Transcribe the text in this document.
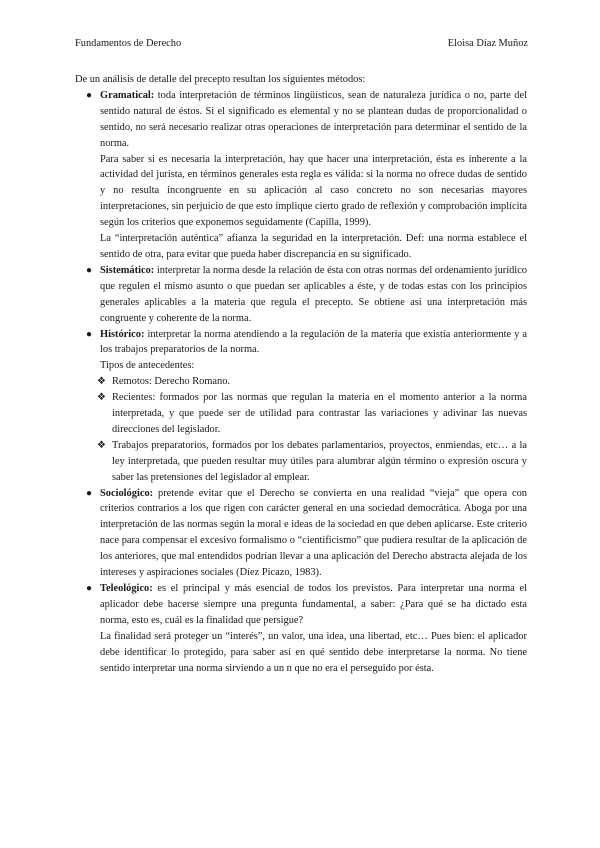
Fundamentos de Derecho	Eloisa Díaz Muñoz

De un análisis de detalle del precepto resultan los siguientes métodos:

● Gramatical: toda interpretación de términos lingüísticos, sean de naturaleza jurídica o no, parte del sentido natural de éstos. Si el significado es elemental y no se plantean dudas de proporcionalidad o sentido, no será necesario realizar otras operaciones de interpretación para determinar el sentido de la norma.

Para saber si es necesaria la interpretación, hay que hacer una interpretación, ésta es inherente a la actividad del jurista, en términos generales esta regla es válida: si la norma no ofrece dudas de sentido y no resulta incongruente en su aplicación al caso concreto no son necesarias mayores interpretaciones, sin perjuicio de que esto implique cierto grado de reflexión y comprobación implícita según los criterios que exponemos seguidamente (Capilla, 1999).

La “interpretación auténtica” afianza la seguridad en la interpretación. Def: una norma establece el sentido de otra, para evitar que pueda haber discrepancia en su significado.

● Sistemático: interpretar la norma desde la relación de ésta con otras normas del ordenamiento jurídico que regulen el mismo asunto o que puedan ser aplicables a éste, y de todas estas con los principios generales aplicables a la materia que regula el precepto. Se obtiene así una interpretación más congruente y coherente de la norma.

● Histórico: interpretar la norma atendiendo a la regulación de la materia que existía anteriormente y a los trabajos preparatorios de la norma.

Tipos de antecedentes:

❖ Remotos: Derecho Romano.
❖ Recientes: formados por las normas que regulan la materia en el momento anterior a la norma interpretada, y que puede ser de utilidad para contrastar las variaciones y adivinar las nuevas direcciones del legislador.
❖ Trabajos preparatorios, formados por los debates parlamentarios, proyectos, enmiendas, etc… a la ley interpretada, que pueden resultar muy útiles para alumbrar algún término o expresión oscura y saber las pretensiones del legislador al emplear.
● Sociológico: pretende evitar que el Derecho se convierta en una realidad “vieja” que opera con criterios contrarios a los que rigen con carácter general en una sociedad democrática. Aboga por una interpretación de las normas según la moral e ideas de la sociedad en que deben aplicarse. Este criterio nace para compensar el excesivo formalismo o “cientificismo” que pudiera resultar de la aplicación de los anteriores, que mal entendidos podrían llevar a una aplicación del Derecho abstracta alejada de los intereses y aspiraciones sociales (Díez Picazo, 1983).

● Teleológico: es el principal y más esencial de todos los previstos. Para interpretar una norma el aplicador debe hacerse siempre una pregunta fundamental, a saber: ¿Para qué se ha dictado esta norma, esto es, cuál es la finalidad que persigue?

La finalidad será proteger un “interés”, un valor, una idea, una libertad, etc… Pues bien: el aplicador debe identificar lo protegido, para saber así en qué sentido debe interpretarse la norma. No tiene sentido interpretar una norma sirviendo a un n que no era el perseguido por ésta.
